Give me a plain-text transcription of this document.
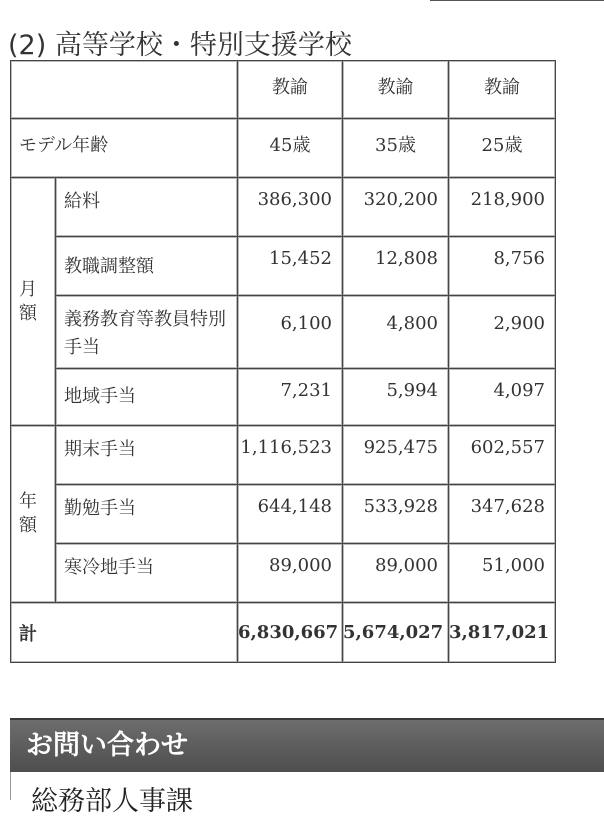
(2) 高等学校・特別支援学校
		教諭	教諭	教諭
モデル年齢		45歳	35歳	25歳

月
額	給料	386,300	320,200	218,900
	教職調整額	15,452	12,808	8,756
	義務教育等教員特別手当	6,100	4,800	2,900
	地域手当	7,231	5,994	4,097

年
額	期末手当	1,116,523	925,475	602,557
	勤勉手当	644,148	533,928	347,628
	寒冷地手当	89,000	89,000	51,000
計		6,830,667	5,674,027	3,817,021
お問い合わせ
総務部人事課
